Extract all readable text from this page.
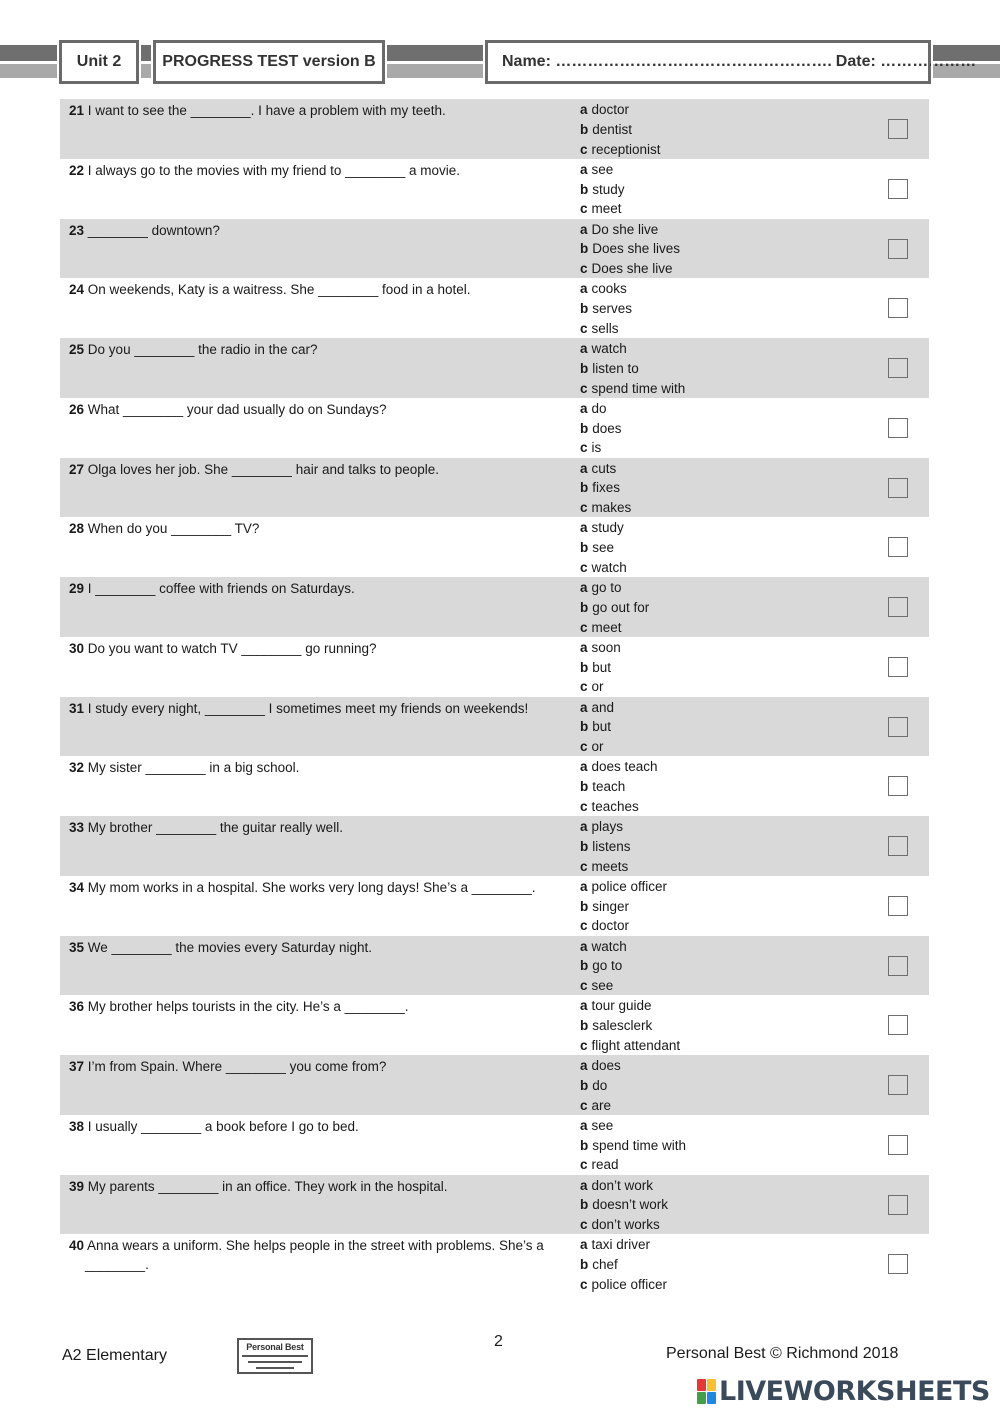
Unit 2	PROGRESS TEST version B	Name: ……………………………………………. Date: ………………
21 I want to see the ________. I have a problem with my teeth.	a doctor
b dentist
c receptionist
22 I always go to the movies with my friend to ________ a movie.	a see
b study
c meet
23 ________ downtown?	a Do she live
b Does she lives
c Does she live
24 On weekends, Katy is a waitress. She ________ food in a hotel.	a cooks
b serves
c sells
25 Do you ________ the radio in the car?	a watch
b listen to
c spend time with
26 What ________ your dad usually do on Sundays?	a do
b does
c is
27 Olga loves her job. She ________ hair and talks to people.	a cuts
b fixes
c makes
28 When do you ________ TV?	a study
b see
c watch
29 I ________ coffee with friends on Saturdays.	a go to
b go out for
c meet
30 Do you want to watch TV ________ go running?	a soon
b but
c or
31 I study every night, ________ I sometimes meet my friends on weekends!	a and
b but
c or
32 My sister ________ in a big school.	a does teach
b teach
c teaches
33 My brother ________ the guitar really well.	a plays
b listens
c meets
34 My mom works in a hospital. She works very long days! She’s a ________.	a police officer
b singer
c doctor
35 We ________ the movies every Saturday night.	a watch
b go to
c see
36 My brother helps tourists in the city. He’s a ________.	a tour guide
b salesclerk
c flight attendant
37 I’m from Spain. Where ________ you come from?	a does
b do
c are
38 I usually ________ a book before I go to bed.	a see
b spend time with
c read
39 My parents ________ in an office. They work in the hospital.	a don’t work
b doesn’t work
c don’t works
40 Anna wears a uniform. She helps people in the street with problems. She’s a
________.
a taxi driver
b chef
c police officer
A2 Elementary	Personal Best	2
Personal Best © Richmond 2018
LIVEWORKSHEETS
